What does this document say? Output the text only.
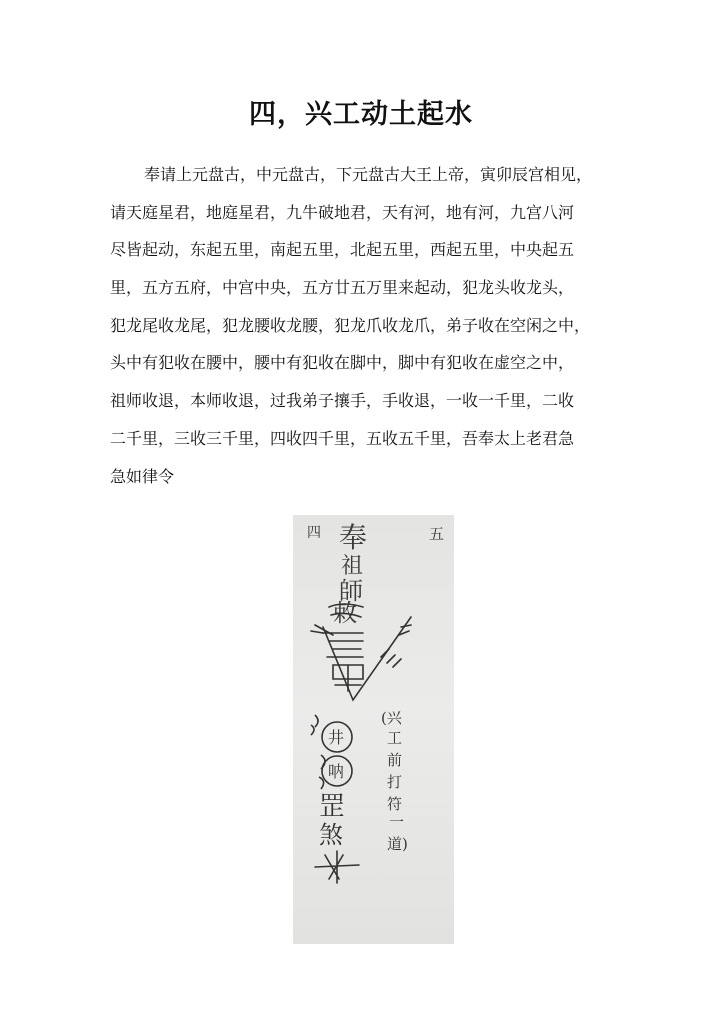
四，兴工动土起水
奉请上元盘古，中元盘古，下元盘古大王上帝，寅卯辰宫相见，
请天庭星君，地庭星君，九牛破地君，天有河，地有河，九宫八河
尽皆起动，东起五里，南起五里，北起五里，西起五里，中央起五
里，五方五府，中宫中央，五方廿五万里来起动，犯龙头收龙头，
犯龙尾收龙尾，犯龙腰收龙腰，犯龙爪收龙爪，弟子收在空闲之中，
头中有犯收在腰中，腰中有犯收在脚中，脚中有犯收在虚空之中，
祖师收退，本师收退，过我弟子攘手，手收退，一收一千里，二收
二千里，三收三千里，四收四千里，五收五千里，吾奉太上老君急
急如律令
四	五
奉
祖
師
敕
井
呐
罡
煞
(兴
工
前
打
符
一
道)
